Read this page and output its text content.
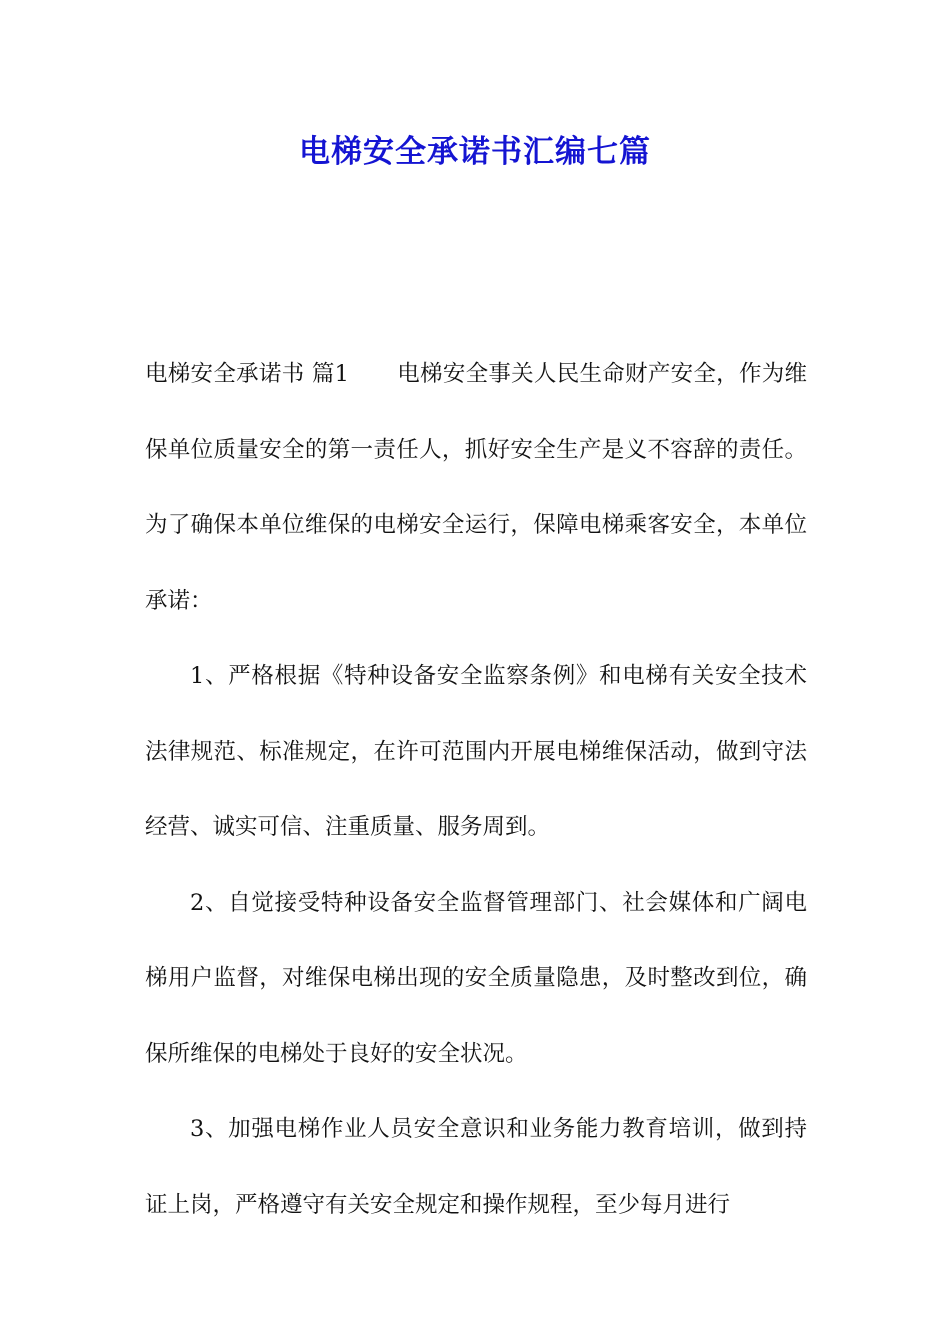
电梯安全承诺书汇编七篇

电梯安全承诺书 篇1 电梯安全事关人民生命财产安全，作为维保单位质量安全的第一责任人，抓好安全生产是义不容辞的责任。为了确保本单位维保的电梯安全运行，保障电梯乘客安全，本单位承诺：

1、严格根据《特种设备安全监察条例》和电梯有关安全技术法律规范、标准规定，在许可范围内开展电梯维保活动，做到守法经营、诚实可信、注重质量、服务周到。

2、自觉接受特种设备安全监督管理部门、社会媒体和广阔电梯用户监督，对维保电梯出现的安全质量隐患，及时整改到位，确保所维保的电梯处于良好的安全状况。

3、加强电梯作业人员安全意识和业务能力教育培训，做到持证上岗，严格遵守有关安全规定和操作规程，至少每月进行
